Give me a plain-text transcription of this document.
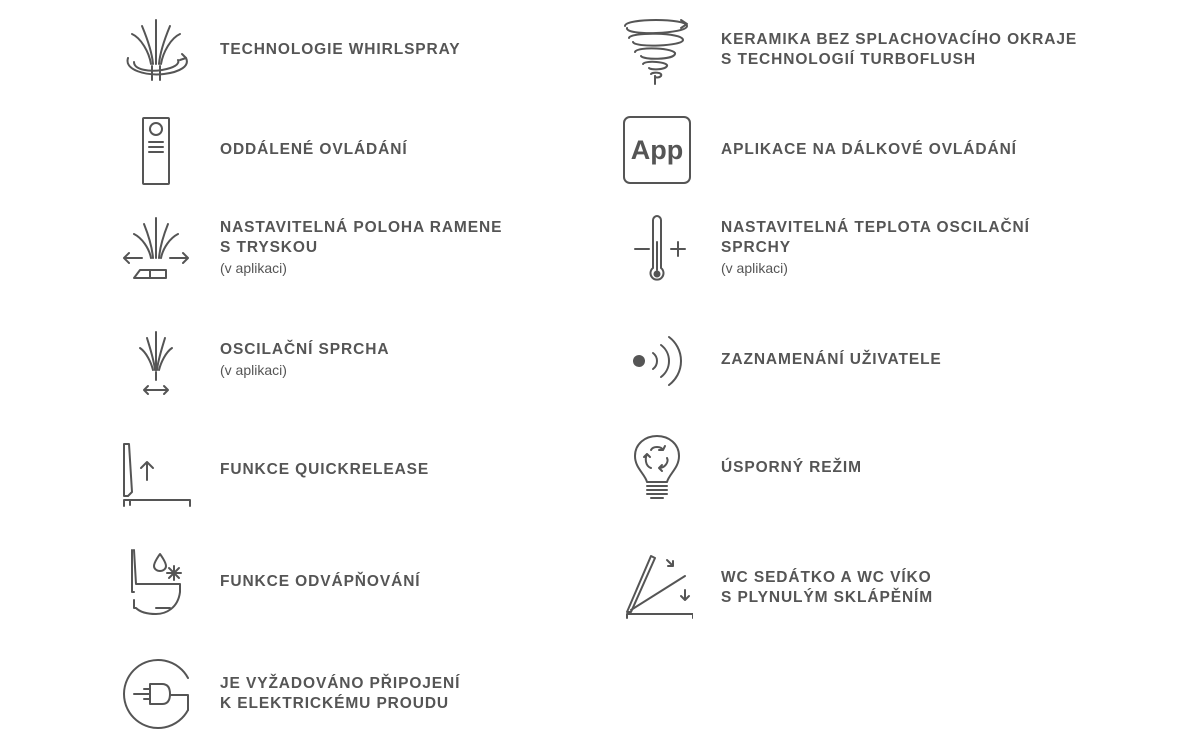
TECHNOLOGIE WHIRLSPRAY

ODDÁLENÉ OVLÁDÁNÍ

NASTAVITELNÁ POLOHA RAMENE

S TRYSKOU

(v aplikaci)

OSCILAČNÍ SPRCHA

(v aplikaci)

FUNKCE QUICKRELEASE

FUNKCE ODVÁPŇOVÁNÍ

JE VYŽADOVÁNO PŘIPOJENÍ

K ELEKTRICKÉMU PROUDU

KERAMIKA BEZ SPLACHOVACÍHO OKRAJE

S TECHNOLOGIÍ TURBOFLUSH

App APLIKACE NA DÁLKOVÉ OVLÁDÁNÍ

NASTAVITELNÁ TEPLOTA OSCILAČNÍ

SPRCHY

(v aplikaci)

ZAZNAMENÁNÍ UŽIVATELE

ÚSPORNÝ REŽIM

WC SEDÁTKO A WC VÍKO

S PLYNULÝM SKLÁPĚNÍM
